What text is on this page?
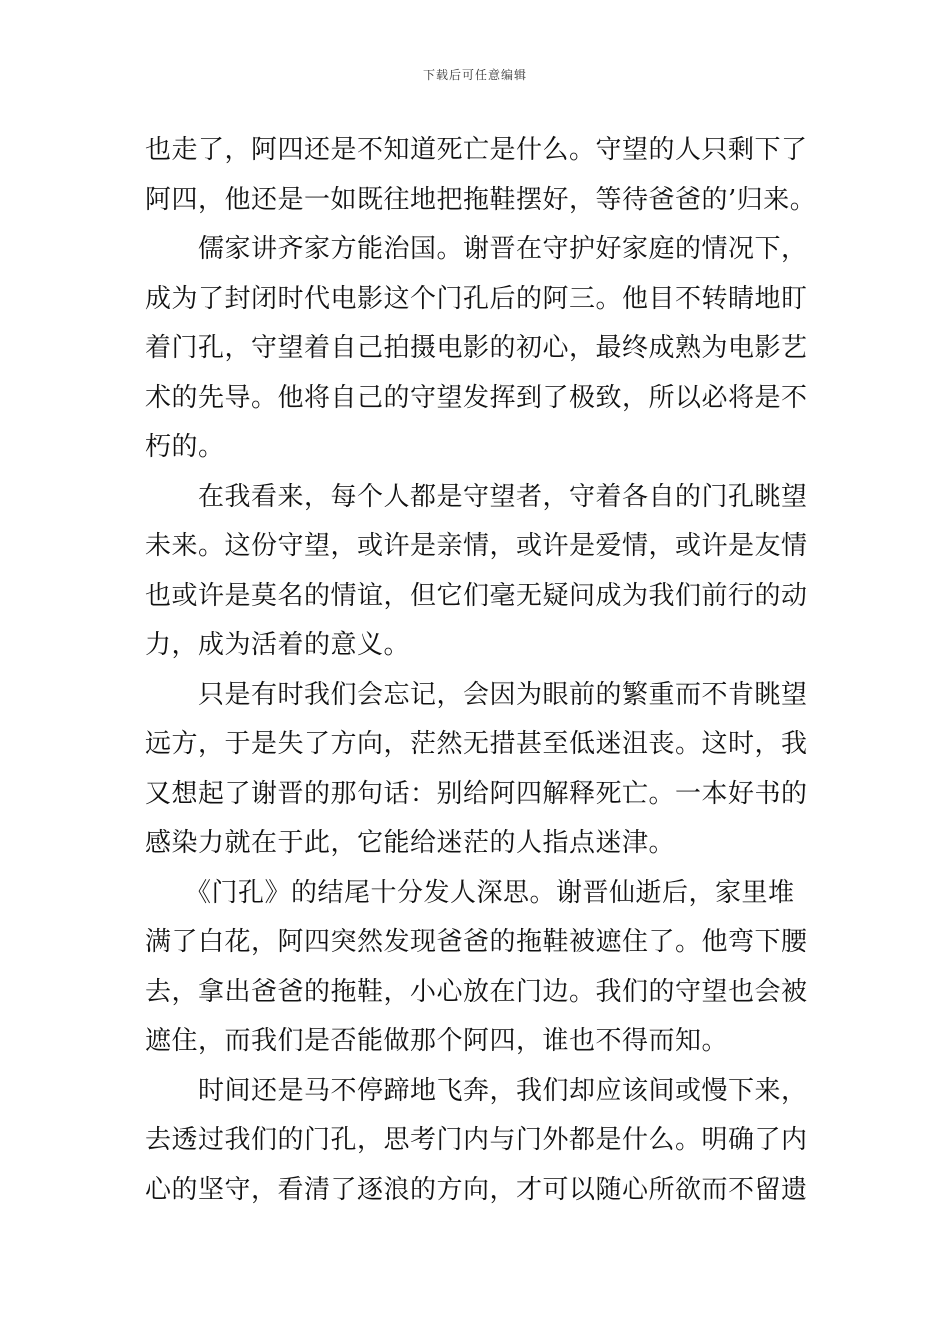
下载后可任意编辑
也走了，阿四还是不知道死亡是什么。守望的人只剩下了
阿四，他还是一如既往地把拖鞋摆好，等待爸爸的’归来。
　　儒家讲齐家方能治国。谢晋在守护好家庭的情况下，
成为了封闭时代电影这个门孔后的阿三。他目不转睛地盯
着门孔，守望着自己拍摄电影的初心，最终成熟为电影艺
术的先导。他将自己的守望发挥到了极致，所以必将是不
朽的。
　　在我看来，每个人都是守望者，守着各自的门孔眺望
未来。这份守望，或许是亲情，或许是爱情，或许是友情
也或许是莫名的情谊，但它们毫无疑问成为我们前行的动
力，成为活着的意义。
　　只是有时我们会忘记，会因为眼前的繁重而不肯眺望
远方，于是失了方向，茫然无措甚至低迷沮丧。这时，我
又想起了谢晋的那句话：别给阿四解释死亡。一本好书的
感染力就在于此，它能给迷茫的人指点迷津。
　　《门孔》的结尾十分发人深思。谢晋仙逝后，家里堆
满了白花，阿四突然发现爸爸的拖鞋被遮住了。他弯下腰
去，拿出爸爸的拖鞋，小心放在门边。我们的守望也会被
遮住，而我们是否能做那个阿四，谁也不得而知。
　　时间还是马不停蹄地飞奔，我们却应该间或慢下来，
去透过我们的门孔，思考门内与门外都是什么。明确了内
心的坚守，看清了逐浪的方向，才可以随心所欲而不留遗
